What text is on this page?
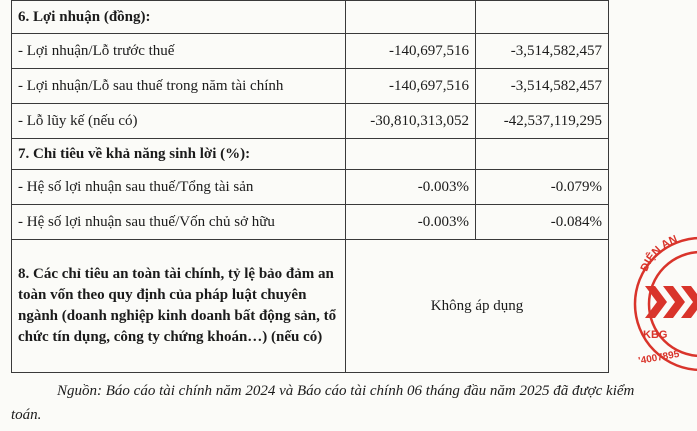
6. Lợi nhuận (đồng):		
- Lợi nhuận/Lỗ trước thuế	-140,697,516	-3,514,582,457
- Lợi nhuận/Lỗ sau thuế trong năm tài chính	-140,697,516	-3,514,582,457
- Lỗ lũy kế (nếu có)	-30,810,313,052	-42,537,119,295
7. Chỉ tiêu về khả năng sinh lời (%):		
- Hệ số lợi nhuận sau thuế/Tổng tài sản	-0.003%	-0.079%
- Hệ số lợi nhuận sau thuế/Vốn chủ sở hữu	-0.003%	-0.084%
8. Các chỉ tiêu an toàn tài chính, tỷ lệ bảo đảm an toàn vốn theo quy định của pháp luật chuyên ngành (doanh nghiệp kinh doanh bất động sản, tổ chức tín dụng, công ty chứng khoán…) (nếu có)	Không áp dụng	
Nguồn: Báo cáo tài chính năm 2024 và Báo cáo tài chính 06 tháng đầu năm 2025 đã được kiểm toán.
ĐIỆN AN
KBG
'4007895
